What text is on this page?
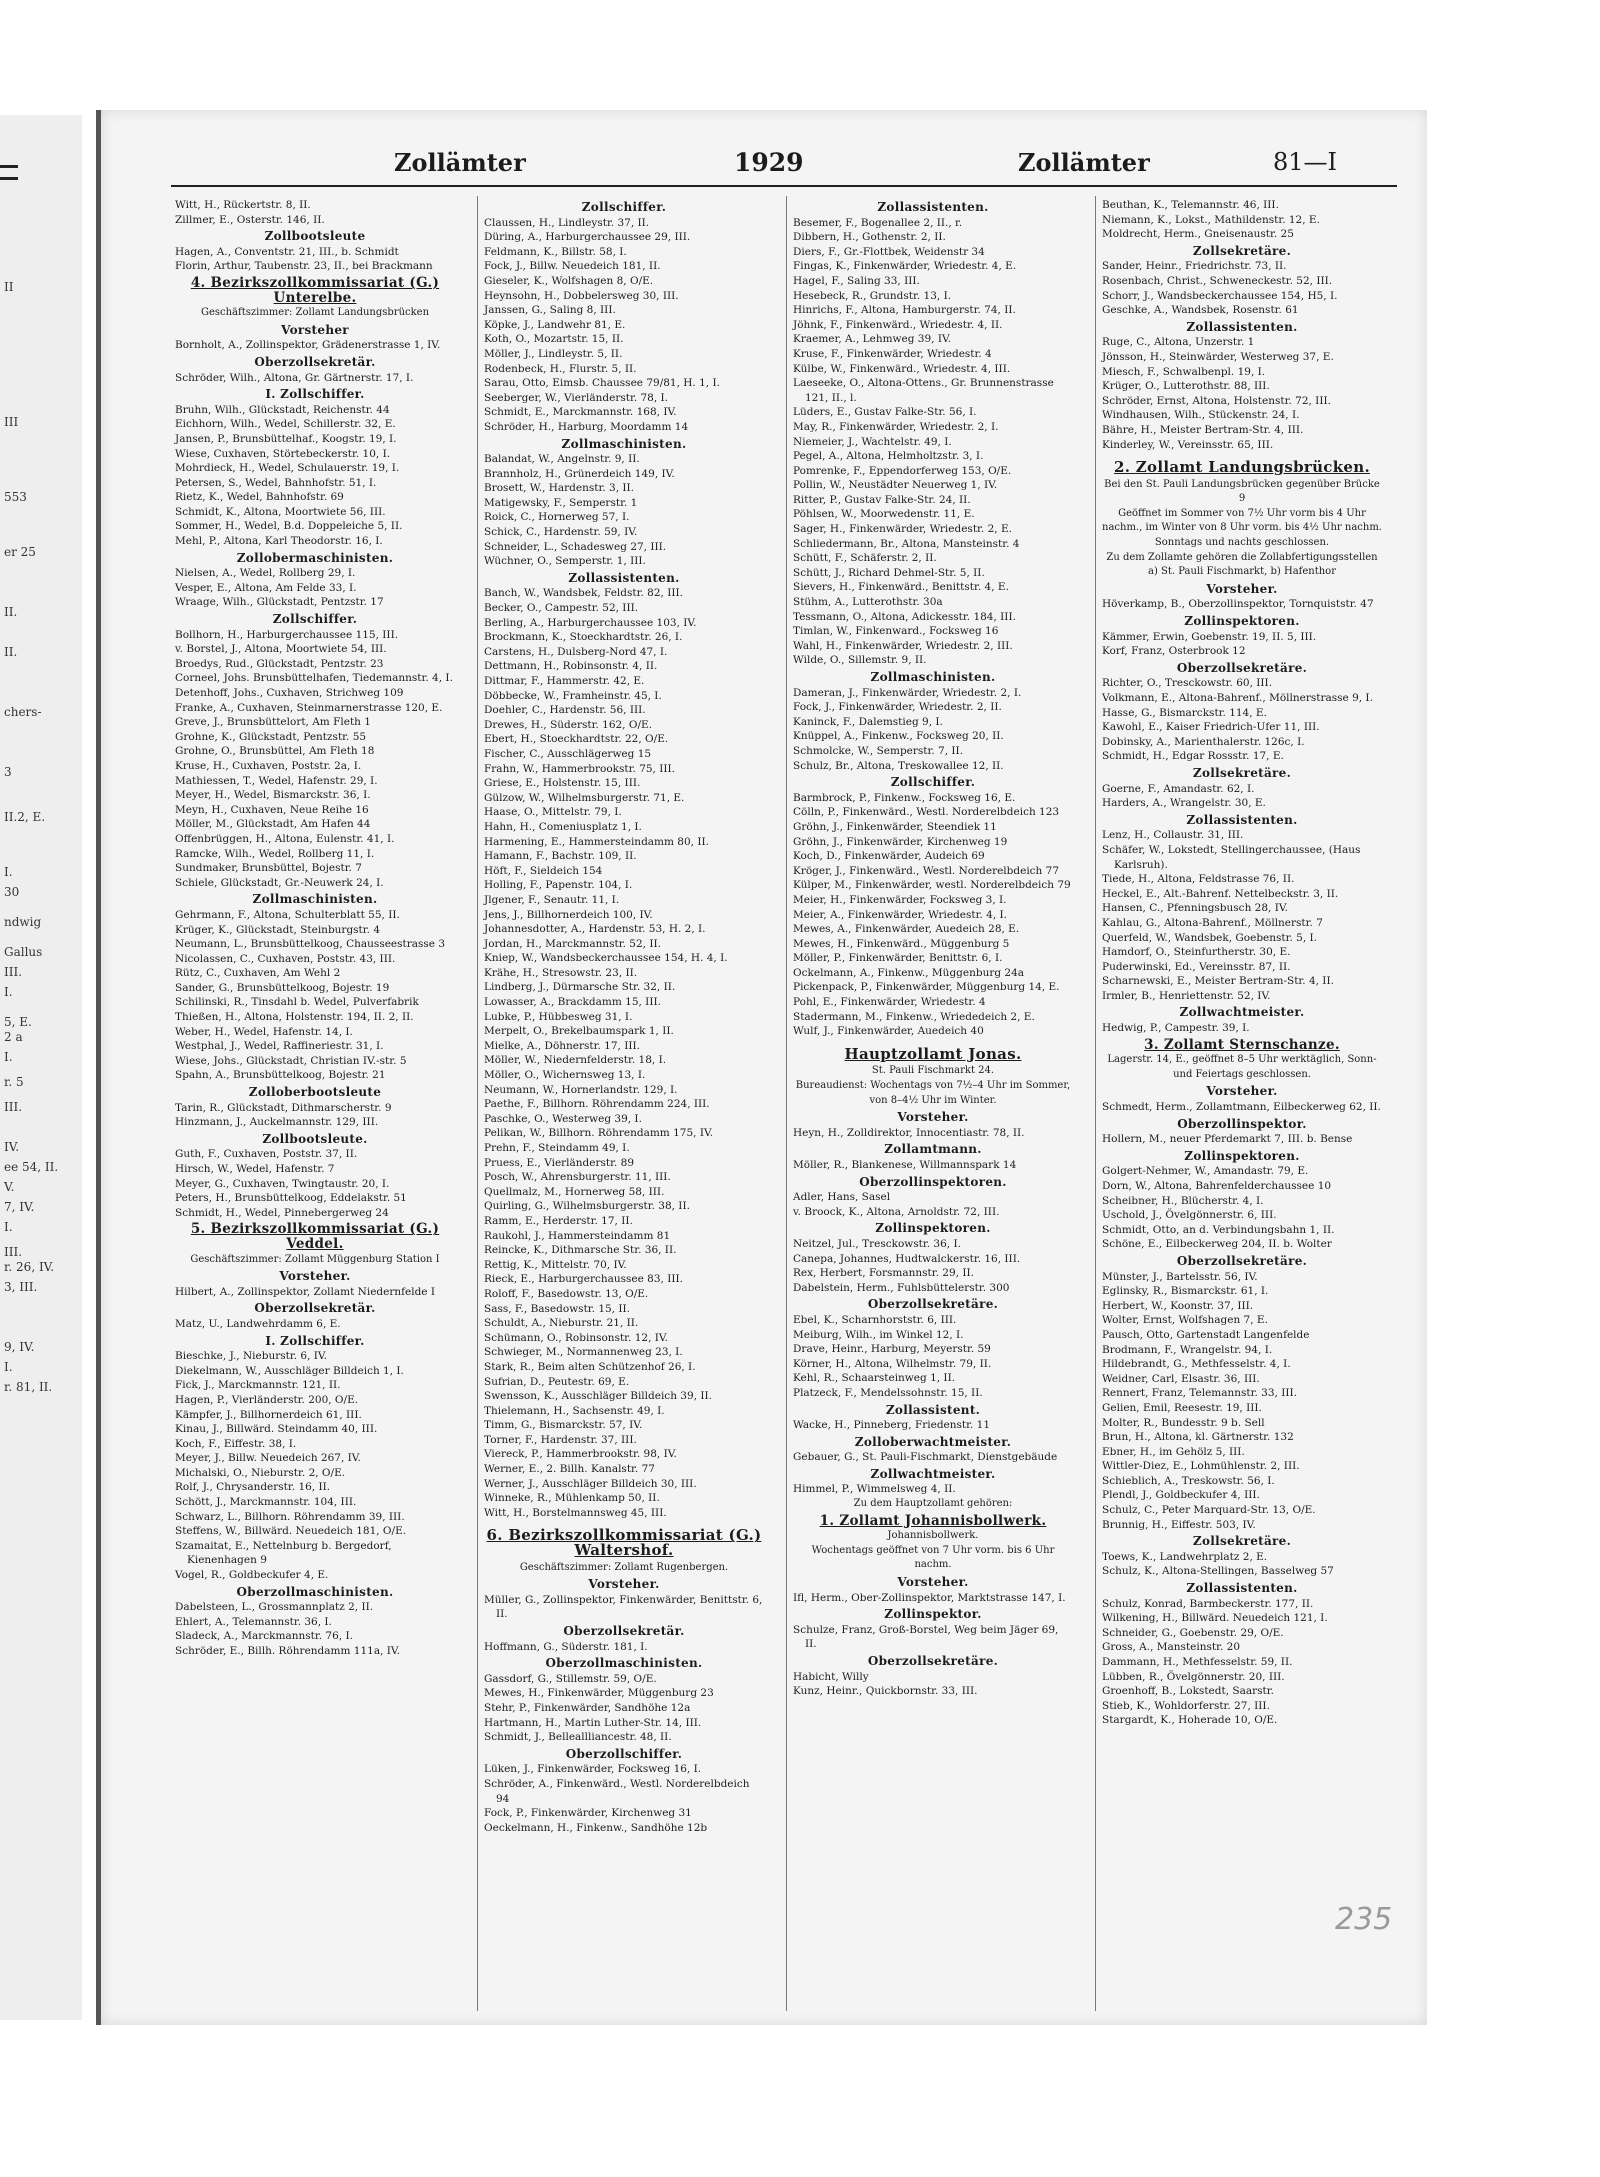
II
III
553
er 25
II.
II.
chers-
3
II.2, E.
I.
30
ndwig
Gallus
III.
I.
5, E.
2 a
I.
r. 5
III.
IV.
ee 54, II.
V.
7, IV.
I.
III.
r. 26, IV.
3, III.
9, IV.
I.
r. 81, II.
Zollämter	1929	Zollämter	81—I
Witt, H., Rückertstr. 8, II.
Zillmer, E., Osterstr. 146, II.
Zollbootsleute
Hagen, A., Conventstr. 21, III., b. Schmidt
Florin, Arthur, Taubenstr. 23, II., bei Brackmann
4. Bezirkszollkommissariat (G.) Unterelbe.
Geschäftszimmer: Zollamt Landungsbrücken
Vorsteher
Bornholt, A., Zollinspektor, Grädenerstrasse 1, IV.
Oberzollsekretär.
Schröder, Wilh., Altona, Gr. Gärtnerstr. 17, I.
I. Zollschiffer.
Bruhn, Wilh., Glückstadt, Reichenstr. 44
Eichhorn, Wilh., Wedel, Schillerstr. 32, E.
Jansen, P., Brunsbüttelhaf., Koogstr. 19, I.
Wiese, Cuxhaven, Störtebeckerstr. 10, I.
Mohrdieck, H., Wedel, Schulauerstr. 19, I.
Petersen, S., Wedel, Bahnhofstr. 51, I.
Rietz, K., Wedel, Bahnhofstr. 69
Schmidt, K., Altona, Moortwiete 56, III.
Sommer, H., Wedel, B.d. Doppeleiche 5, II.
Mehl, P., Altona, Karl Theodorstr. 16, I.
Zollobermaschinisten.
Nielsen, A., Wedel, Rollberg 29, I.
Vesper, E., Altona, Am Felde 33, I.
Wraage, Wilh., Glückstadt, Pentzstr. 17
Zollschiffer.
Bollhorn, H., Harburgerchaussee 115, III.
v. Borstel, J., Altona, Moortwiete 54, III.
Broedys, Rud., Glückstadt, Pentzstr. 23
Corneel, Johs. Brunsbüttelhafen, Tiedemannstr. 4, I.
Detenhoff, Johs., Cuxhaven, Strichweg 109
Franke, A., Cuxhaven, Steinmarnerstrasse 120, E.
Greve, J., Brunsbüttelort, Am Fleth 1
Grohne, K., Glückstadt, Pentzstr. 55
Grohne, O., Brunsbüttel, Am Fleth 18
Kruse, H., Cuxhaven, Poststr. 2a, I.
Mathiessen, T., Wedel, Hafenstr. 29, I.
Meyer, H., Wedel, Bismarckstr. 36, I.
Meyn, H., Cuxhaven, Neue Reihe 16
Möller, M., Glückstadt, Am Hafen 44
Offenbrüggen, H., Altona, Eulenstr. 41, I.
Ramcke, Wilh., Wedel, Rollberg 11, I.
Sundmaker, Brunsbüttel, Bojestr. 7
Schiele, Glückstadt, Gr.-Neuwerk 24, I.
Zollmaschinisten.
Gehrmann, F., Altona, Schulterblatt 55, II.
Krüger, K., Glückstadt, Steinburgstr. 4
Neumann, L., Brunsbüttelkoog, Chausseestrasse 3
Nicolassen, C., Cuxhaven, Poststr. 43, III.
Rütz, C., Cuxhaven, Am Wehl 2
Sander, G., Brunsbüttelkoog, Bojestr. 19
Schilinski, R., Tinsdahl b. Wedel, Pulverfabrik
Thießen, H., Altona, Holstenstr. 194, II. 2, II.
Weber, H., Wedel, Hafenstr. 14, I.
Westphal, J., Wedel, Raffineriestr. 31, I.
Wiese, Johs., Glückstadt, Christian IV.-str. 5
Spahn, A., Brunsbüttelkoog, Bojestr. 21
Zolloberbootsleute
Tarin, R., Glückstadt, Dithmarscherstr. 9
Hinzmann, J., Auckelmannstr. 129, III.
Zollbootsleute.
Guth, F., Cuxhaven, Poststr. 37, II.
Hirsch, W., Wedel, Hafenstr. 7
Meyer, G., Cuxhaven, Twingtaustr. 20, I.
Peters, H., Brunsbüttelkoog, Eddelakstr. 51
Schmidt, H., Wedel, Pinnebergerweg 24
5. Bezirkszollkommissariat (G.) Veddel.
Geschäftszimmer: Zollamt Müggenburg Station I
Vorsteher.
Hilbert, A., Zollinspektor, Zollamt Niedernfelde I
Oberzollsekretär.
Matz, U., Landwehrdamm 6, E.
I. Zollschiffer.
Bieschke, J., Nieburstr. 6, IV.
Diekelmann, W., Ausschläger Billdeich 1, I.
Fick, J., Marckmannstr. 121, II.
Hagen, P., Vierländerstr. 200, O/E.
Kämpfer, J., Billhornerdeich 61, III.
Kinau, J., Billwärd. Steindamm 40, III.
Koch, F., Eiffestr. 38, I.
Meyer, J., Billw. Neuedeich 267, IV.
Michalski, O., Nieburstr. 2, O/E.
Rolf, J., Chrysanderstr. 16, II.
Schött, J., Marckmannstr. 104, III.
Schwarz, L., Billhorn. Röhrendamm 39, III.
Steffens, W., Billwärd. Neuedeich 181, O/E.
Szamaitat, E., Nettelnburg b. Bergedorf, Kienenhagen 9
Vogel, R., Goldbeckufer 4, E.
Oberzollmaschinisten.
Dabelsteen, L., Grossmannplatz 2, II.
Ehlert, A., Telemannstr. 36, I.
Sladeck, A., Marckmannstr. 76, I.
Schröder, E., Billh. Röhrendamm 111a, IV.
Zollschiffer.
Claussen, H., Lindleystr. 37, II.
Düring, A., Harburgerchaussee 29, III.
Feldmann, K., Billstr. 58, I.
Fock, J., Billw. Neuedeich 181, II.
Gieseler, K., Wolfshagen 8, O/E.
Heynsohn, H., Dobbelersweg 30, III.
Janssen, G., Saling 8, III.
Köpke, J., Landwehr 81, E.
Koth, O., Mozartstr. 15, II.
Möller, J., Lindleystr. 5, II.
Rodenbeck, H., Flurstr. 5, II.
Sarau, Otto, Eimsb. Chaussee 79/81, H. 1, I.
Seeberger, W., Vierländerstr. 78, I.
Schmidt, E., Marckmannstr. 168, IV.
Schröder, H., Harburg, Moordamm 14
Zollmaschinisten.
Balandat, W., Angelnstr. 9, II.
Brannholz, H., Grünerdeich 149, IV.
Brosett, W., Hardenstr. 3, II.
Matigewsky, F., Semperstr. 1
Roick, C., Hornerweg 57, I.
Schick, C., Hardenstr. 59, IV.
Schneider, L., Schadesweg 27, III.
Wüchner, O., Semperstr. 1, III.
Zollassistenten.
Banch, W., Wandsbek, Feldstr. 82, III.
Becker, O., Campestr. 52, III.
Berling, A., Harburgerchaussee 103, IV.
Brockmann, K., Stoeckhardtstr. 26, I.
Carstens, H., Dulsberg-Nord 47, I.
Dettmann, H., Robinsonstr. 4, II.
Dittmar, F., Hammerstr. 42, E.
Döbbecke, W., Framheinstr. 45, I.
Doehler, C., Hardenstr. 56, III.
Drewes, H., Süderstr. 162, O/E.
Ebert, H., Stoeckhardtstr. 22, O/E.
Fischer, C., Ausschlägerweg 15
Frahn, W., Hammerbrookstr. 75, III.
Griese, E., Holstenstr. 15, III.
Gülzow, W., Wilhelmsburgerstr. 71, E.
Haase, O., Mittelstr. 79, I.
Hahn, H., Comeniusplatz 1, I.
Harmening, E., Hammersteindamm 80, II.
Hamann, F., Bachstr. 109, II.
Höft, F., Sieldeich 154
Holling, F., Papenstr. 104, I.
Jlgener, F., Senautr. 11, I.
Jens, J., Billhornerdeich 100, IV.
Johannesdotter, A., Hardenstr. 53, H. 2, I.
Jordan, H., Marckmannstr. 52, II.
Kniep, W., Wandsbeckerchaussee 154, H. 4, I.
Krähe, H., Stresowstr. 23, II.
Lindberg, J., Dürmarsche Str. 32, II.
Lowasser, A., Brackdamm 15, III.
Lubke, P., Hübbesweg 31, I.
Merpelt, O., Brekelbaumspark 1, II.
Mielke, A., Döhnerstr. 17, III.
Möller, W., Niedernfelderstr. 18, I.
Möller, O., Wichernsweg 13, I.
Neumann, W., Hornerlandstr. 129, I.
Paethe, F., Billhorn. Röhrendamm 224, III.
Paschke, O., Westerweg 39, I.
Pelikan, W., Billhorn. Röhrendamm 175, IV.
Prehn, F., Steindamm 49, I.
Pruess, E., Vierländerstr. 89
Posch, W., Ahrensburgerstr. 11, III.
Quellmalz, M., Hornerweg 58, III.
Quirling, G., Wilhelmsburgerstr. 38, II.
Ramm, E., Herderstr. 17, II.
Raukohl, J., Hammersteindamm 81
Reincke, K., Dithmarsche Str. 36, II.
Rettig, K., Mittelstr. 70, IV.
Rieck, E., Harburgerchaussee 83, III.
Roloff, F., Basedowstr. 13, O/E.
Sass, F., Basedowstr. 15, II.
Schuldt, A., Nieburstr. 21, II.
Schümann, O., Robinsonstr. 12, IV.
Schwieger, M., Normannenweg 23, I.
Stark, R., Beim alten Schützenhof 26, I.
Sufrian, D., Peutestr. 69, E.
Swensson, K., Ausschläger Billdeich 39, II.
Thielemann, H., Sachsenstr. 49, I.
Timm, G., Bismarckstr. 57, IV.
Torner, F., Hardenstr. 37, III.
Viereck, P., Hammerbrookstr. 98, IV.
Werner, E., 2. Billh. Kanalstr. 77
Werner, J., Ausschläger Billdeich 30, III.
Winneke, R., Mühlenkamp 50, II.
Witt, H., Borstelmannsweg 45, III.
6. Bezirkszollkommissariat (G.) Waltershof.
Geschäftszimmer: Zollamt Rugenbergen.
Vorsteher.
Müller, G., Zollinspektor, Finkenwärder, Benittstr. 6, II.
Oberzollsekretär.
Hoffmann, G., Süderstr. 181, I.
Oberzollmaschinisten.
Gassdorf, G., Stillemstr. 59, O/E.
Mewes, H., Finkenwärder, Müggenburg 23
Stehr, P., Finkenwärder, Sandhöhe 12a
Hartmann, H., Martin Luther-Str. 14, III.
Schmidt, J., Belleallliancestr. 48, II.
Oberzollschiffer.
Lüken, J., Finkenwärder, Focksweg 16, I.
Schröder, A., Finkenwärd., Westl. Norderelbdeich 94
Fock, P., Finkenwärder, Kirchenweg 31
Oeckelmann, H., Finkenw., Sandhöhe 12b
Zollassistenten.
Besemer, F., Bogenallee 2, II., r.
Dibbern, H., Gothenstr. 2, II.
Diers, F., Gr.-Flottbek, Weidenstr 34
Fingas, K., Finkenwärder, Wriedestr. 4, E.
Hagel, F., Saling 33, III.
Hesebeck, R., Grundstr. 13, I.
Hinrichs, F., Altona, Hamburgerstr. 74, II.
Jöhnk, F., Finkenwärd., Wriedestr. 4, II.
Kraemer, A., Lehmweg 39, IV.
Kruse, F., Finkenwärder, Wriedestr. 4
Külbe, W., Finkenwärd., Wriedestr. 4, III.
Laeseeke, O., Altona-Ottens., Gr. Brunnenstrasse 121, II., l.
Lüders, E., Gustav Falke-Str. 56, I.
May, R., Finkenwärder, Wriedestr. 2, I.
Niemeier, J., Wachtelstr. 49, I.
Pegel, A., Altona, Helmholtzstr. 3, I.
Pomrenke, F., Eppendorferweg 153, O/E.
Pollin, W., Neustädter Neuerweg 1, IV.
Ritter, P., Gustav Falke-Str. 24, II.
Pöhlsen, W., Moorwedenstr. 11, E.
Sager, H., Finkenwärder, Wriedestr. 2, E.
Schliedermann, Br., Altona, Mansteinstr. 4
Schütt, F., Schäferstr. 2, II.
Schütt, J., Richard Dehmel-Str. 5, II.
Sievers, H., Finkenwärd., Benittstr. 4, E.
Stühm, A., Lutterothstr. 30a
Tessmann, O., Altona, Adickesstr. 184, III.
Timlan, W., Finkenward., Focksweg 16
Wahl, H., Finkenwärder, Wriedestr. 2, III.
Wilde, O., Sillemstr. 9, II.
Zollmaschinisten.
Dameran, J., Finkenwärder, Wriedestr. 2, I.
Fock, J., Finkenwärder, Wriedestr. 2, II.
Kaninck, F., Dalemstieg 9, I.
Knüppel, A., Finkenw., Focksweg 20, II.
Schmolcke, W., Semperstr. 7, II.
Schulz, Br., Altona, Treskowallee 12, II.
Zollschiffer.
Barmbrock, P., Finkenw., Focksweg 16, E.
Cölln, P., Finkenwärd., Westl. Norderelbdeich 123
Gröhn, J., Finkenwärder, Steendiek 11
Gröhn, J., Finkenwärder, Kirchenweg 19
Koch, D., Finkenwärder, Audeich 69
Kröger, J., Finkenwärd., Westl. Norderelbdeich 77
Külper, M., Finkenwärder, westl. Norderelbdeich 79
Meier, H., Finkenwärder, Focksweg 3, I.
Meier, A., Finkenwärder, Wriedestr. 4, I.
Mewes, A., Finkenwärder, Auedeich 28, E.
Mewes, H., Finkenwärd., Müggenburg 5
Möller, P., Finkenwärder, Benittstr. 6, I.
Ockelmann, A., Finkenw., Müggenburg 24a
Pickenpack, P., Finkenwärder, Müggenburg 14, E.
Pohl, E., Finkenwärder, Wriedestr. 4
Stadermann, M., Finkenw., Wriededeich 2, E.
Wulf, J., Finkenwärder, Auedeich 40
Hauptzollamt Jonas.
St. Pauli Fischmarkt 24.
Bureaudienst: Wochentags von 7½–4 Uhr im Sommer, von 8–4½ Uhr im Winter.
Vorsteher.
Heyn, H., Zolldirektor, Innocentiastr. 78, II.
Zollamtmann.
Möller, R., Blankenese, Willmannspark 14
Oberzollinspektoren.
Adler, Hans, Sasel
v. Broock, K., Altona, Arnoldstr. 72, III.
Zollinspektoren.
Neitzel, Jul., Tresckowstr. 36, I.
Canepa, Johannes, Hudtwalckerstr. 16, III.
Rex, Herbert, Forsmannstr. 29, II.
Dabelstein, Herm., Fuhlsbüttelerstr. 300
Oberzollsekretäre.
Ebel, K., Scharnhorststr. 6, III.
Meiburg, Wilh., im Winkel 12, I.
Drave, Heinr., Harburg, Meyerstr. 59
Körner, H., Altona, Wilhelmstr. 79, II.
Kehl, R., Schaarsteinweg 1, II.
Platzeck, F., Mendelssohnstr. 15, II.
Zollassistent.
Wacke, H., Pinneberg, Friedenstr. 11
Zolloberwachtmeister.
Gebauer, G., St. Pauli-Fischmarkt, Dienstgebäude
Zollwachtmeister.
Himmel, P., Wimmelsweg 4, II.
Zu dem Hauptzollamt gehören:
1. Zollamt Johannisbollwerk.
Johannisbollwerk.
Wochentags geöffnet von 7 Uhr vorm. bis 6 Uhr nachm.
Vorsteher.
Ifl, Herm., Ober-Zollinspektor, Marktstrasse 147, I.
Zollinspektor.
Schulze, Franz, Groß-Borstel, Weg beim Jäger 69, II.
Oberzollsekretäre.
Habicht, Willy
Kunz, Heinr., Quickbornstr. 33, III.
Beuthan, K., Telemannstr. 46, III.
Niemann, K., Lokst., Mathildenstr. 12, E.
Moldrecht, Herm., Gneisenaustr. 25
Zollsekretäre.
Sander, Heinr., Friedrichstr. 73, II.
Rosenbach, Christ., Schweneckestr. 52, III.
Schorr, J., Wandsbeckerchaussee 154, H5, I.
Geschke, A., Wandsbek, Rosenstr. 61
Zollassistenten.
Ruge, C., Altona, Unzerstr. 1
Jönsson, H., Steinwärder, Westerweg 37, E.
Miesch, F., Schwalbenpl. 19, I.
Krüger, O., Lutterothstr. 88, III.
Schröder, Ernst, Altona, Holstenstr. 72, III.
Windhausen, Wilh., Stückenstr. 24, I.
Bähre, H., Meister Bertram-Str. 4, III.
Kinderley, W., Vereinsstr. 65, III.
2. Zollamt Landungsbrücken.
Bei den St. Pauli Landungsbrücken gegenüber Brücke 9
Geöffnet im Sommer von 7½ Uhr vorm bis 4 Uhr nachm., im Winter von 8 Uhr vorm. bis 4½ Uhr nachm. Sonntags und nachts geschlossen.
Zu dem Zollamte gehören die Zollabfertigungsstellen a) St. Pauli Fischmarkt, b) Hafenthor
Vorsteher.
Höverkamp, B., Oberzollinspektor, Tornquiststr. 47
Zollinspektoren.
Kämmer, Erwin, Goebenstr. 19, II. 5, III.
Korf, Franz, Osterbrook 12
Oberzollsekretäre.
Richter, O., Tresckowstr. 60, III.
Volkmann, E., Altona-Bahrenf., Möllnerstrasse 9, I.
Hasse, G., Bismarckstr. 114, E.
Kawohl, E., Kaiser Friedrich-Ufer 11, III.
Dobinsky, A., Marienthalerstr. 126c, I.
Schmidt, H., Edgar Rossstr. 17, E.
Zollsekretäre.
Goerne, F., Amandastr. 62, I.
Harders, A., Wrangelstr. 30, E.
Zollassistenten.
Lenz, H., Collaustr. 31, III.
Schäfer, W., Lokstedt, Stellingerchaussee, (Haus Karlsruh).
Tiede, H., Altona, Feldstrasse 76, II.
Heckel, E., Alt.-Bahrenf. Nettelbeckstr. 3, II.
Hansen, C., Pfenningsbusch 28, IV.
Kahlau, G., Altona-Bahrenf., Möllnerstr. 7
Querfeld, W., Wandsbek, Goebenstr. 5, I.
Hamdorf, O., Steinfurtherstr. 30, E.
Puderwinski, Ed., Vereinsstr. 87, II.
Scharnewski, E., Meister Bertram-Str. 4, II.
Irmler, B., Henriettenstr. 52, IV.
Zollwachtmeister.
Hedwig, P., Campestr. 39, I.
3. Zollamt Sternschanze.
Lagerstr. 14, E., geöffnet 8–5 Uhr werktäglich, Sonn- und Feiertags geschlossen.
Vorsteher.
Schmedt, Herm., Zollamtmann, Eilbeckerweg 62, II.
Oberzollinspektor.
Hollern, M., neuer Pferdemarkt 7, III. b. Bense
Zollinspektoren.
Golgert-Nehmer, W., Amandastr. 79, E.
Dorn, W., Altona, Bahrenfelderchaussee 10
Scheibner, H., Blücherstr. 4, I.
Uschold, J., Övelgönnerstr. 6, III.
Schmidt, Otto, an d. Verbindungsbahn 1, II.
Schöne, E., Eilbeckerweg 204, II. b. Wolter
Oberzollsekretäre.
Münster, J., Bartelsstr. 56, IV.
Eglinsky, R., Bismarckstr. 61, I.
Herbert, W., Koonstr. 37, III.
Wolter, Ernst, Wolfshagen 7, E.
Pausch, Otto, Gartenstadt Langenfelde
Brodmann, F., Wrangelstr. 94, I.
Hildebrandt, G., Methfesselstr. 4, I.
Weidner, Carl, Elsastr. 36, III.
Rennert, Franz, Telemannstr. 33, III.
Gelien, Emil, Reesestr. 19, III.
Molter, R., Bundesstr. 9 b. Sell
Brun, H., Altona, kl. Gärtnerstr. 132
Ebner, H., im Gehölz 5, III.
Wittler-Diez, E., Lohmühlenstr. 2, III.
Schieblich, A., Treskowstr. 56, I.
Plendl, J., Goldbeckufer 4, III.
Schulz, C., Peter Marquard-Str. 13, O/E.
Brunnig, H., Eiffestr. 503, IV.
Zollsekretäre.
Toews, K., Landwehrplatz 2, E.
Schulz, K., Altona-Stellingen, Basselweg 57
Zollassistenten.
Schulz, Konrad, Barmbeckerstr. 177, II.
Wilkening, H., Billwärd. Neuedeich 121, I.
Schneider, G., Goebenstr. 29, O/E.
Gross, A., Mansteinstr. 20
Dammann, H., Methfesselstr. 59, II.
Lübben, R., Övelgönnerstr. 20, III.
Groenhoff, B., Lokstedt, Saarstr.
Stieb, K., Wohldorferstr. 27, III.
Stargardt, K., Hoherade 10, O/E.
235
